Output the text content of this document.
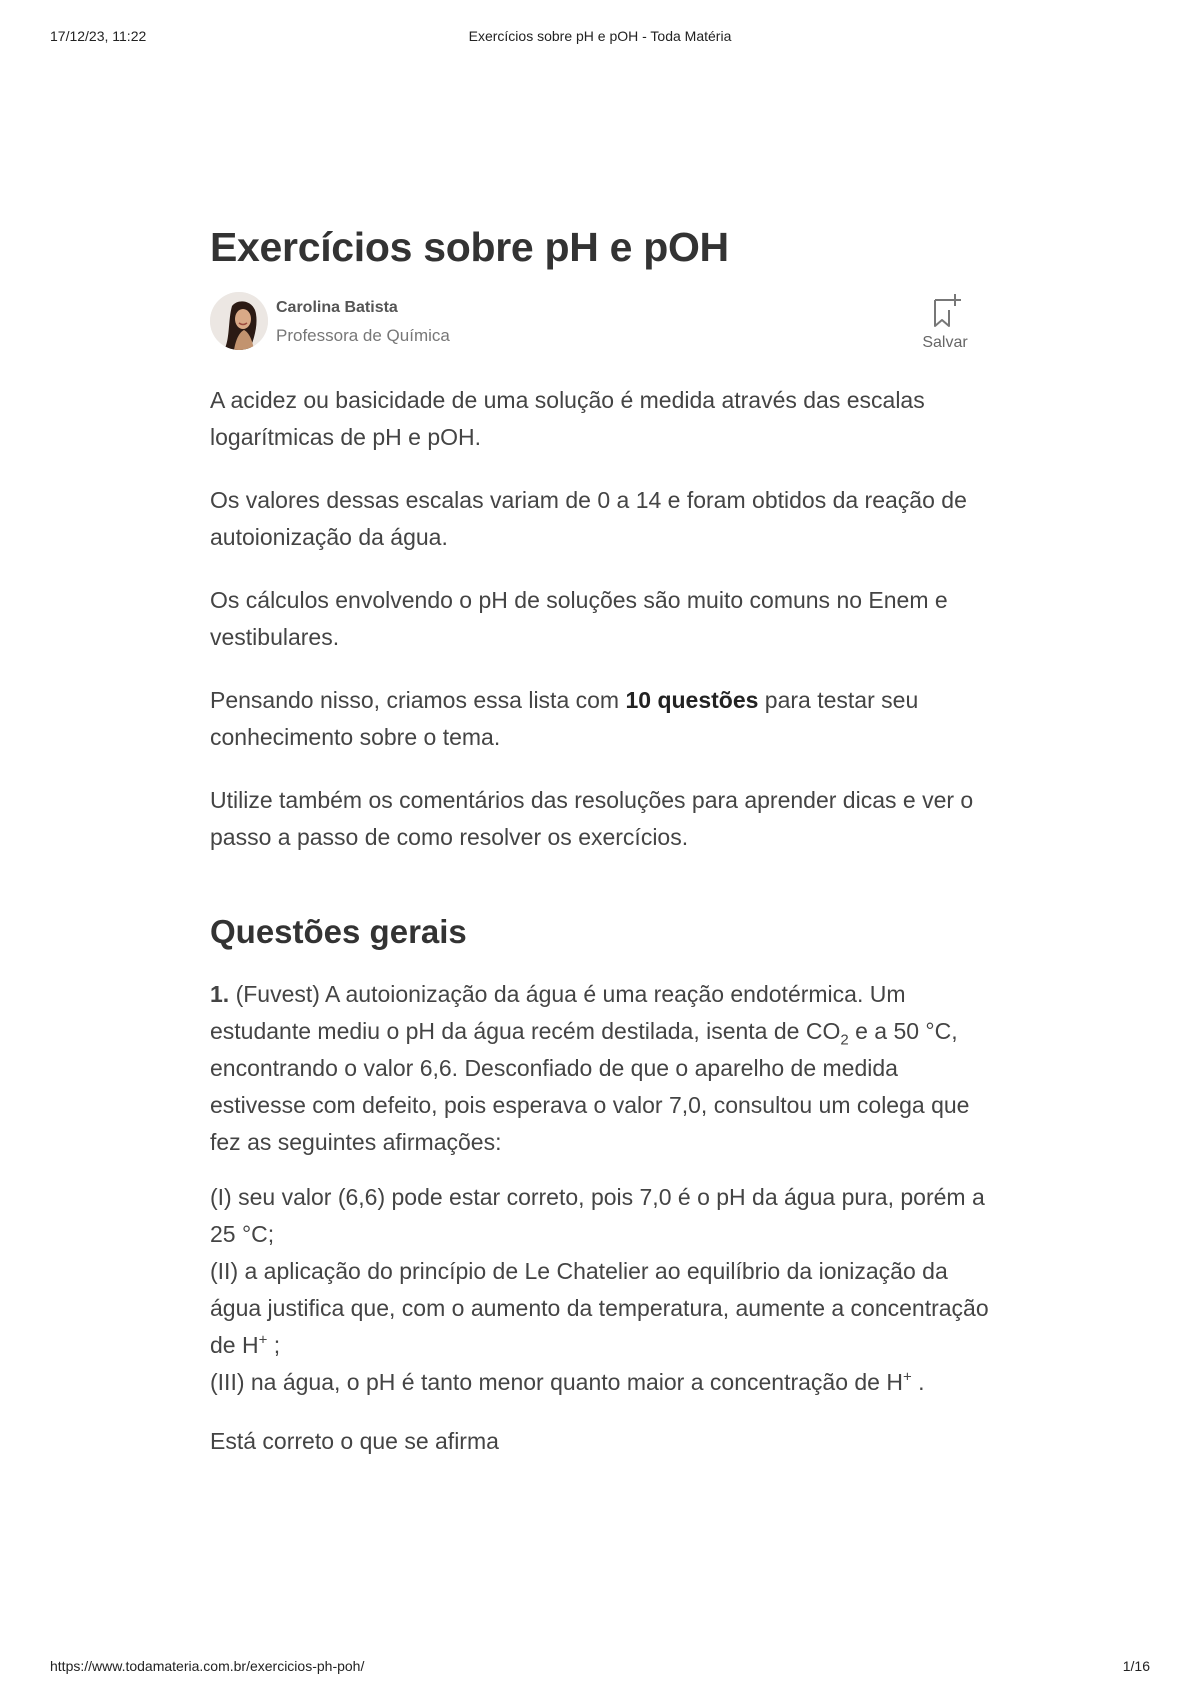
17/12/23, 11:22	Exercícios sobre pH e pOH - Toda Matéria
Exercícios sobre pH e pOH
Carolina Batista
Professora de Química	Salvar

A acidez ou basicidade de uma solução é medida através das escalas logarítmicas de pH e pOH.

Os valores dessas escalas variam de 0 a 14 e foram obtidos da reação de autoionização da água.

Os cálculos envolvendo o pH de soluções são muito comuns no Enem e vestibulares.

Pensando nisso, criamos essa lista com 10 questões para testar seu conhecimento sobre o tema.

Utilize também os comentários das resoluções para aprender dicas e ver o passo a passo de como resolver os exercícios.

Questões gerais

1. (Fuvest) A autoionização da água é uma reação endotérmica. Um estudante mediu o pH da água recém destilada, isenta de $CO_2$ e a 50 °C, encontrando o valor 6,6. Desconfiado de que o aparelho de medida estivesse com defeito, pois esperava o valor 7,0, consultou um colega que fez as seguintes afirmações:

(I) seu valor (6,6) pode estar correto, pois 7,0 é o pH da água pura, porém a 25 °C;
(II) a aplicação do princípio de Le Chatelier ao equilíbrio da ionização da água justifica que, com o aumento da temperatura, aumente a concentração de H+ ;
(III) na água, o pH é tanto menor quanto maior a concentração de H+ .

Está correto o que se afirma

https://www.todamateria.com.br/exercicios-ph-poh/	1/16
